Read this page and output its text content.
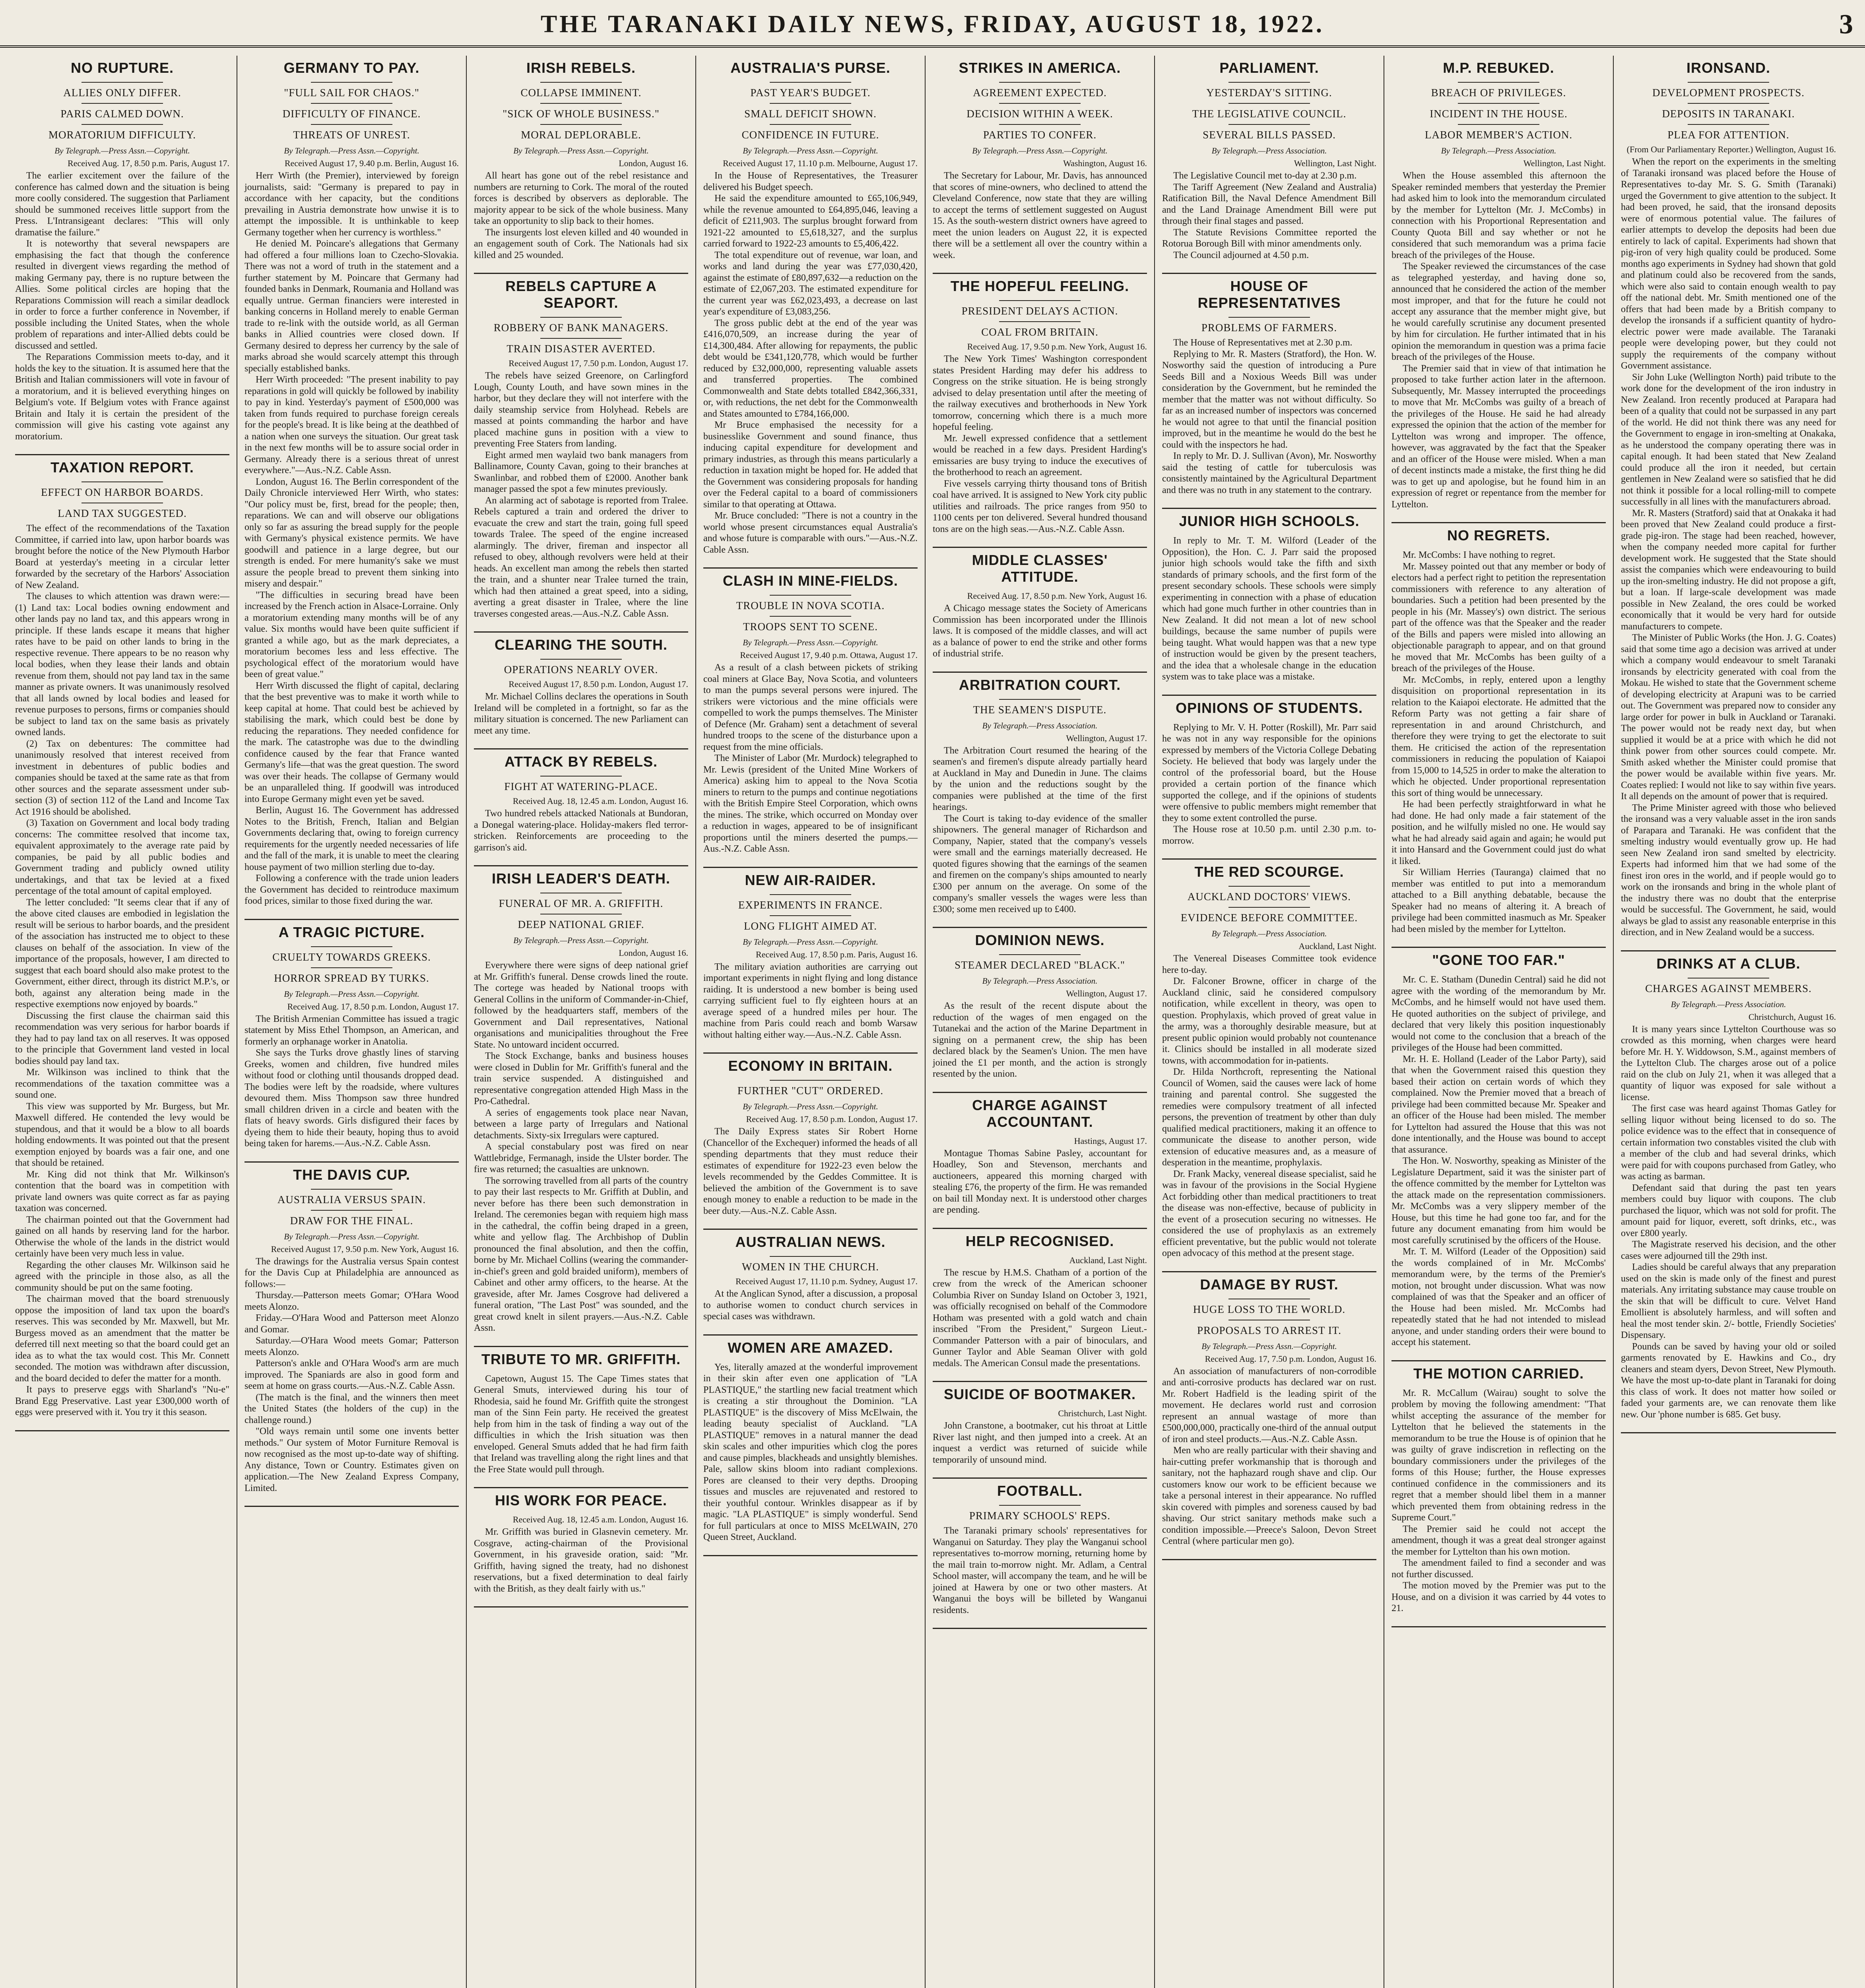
THE TARANAKI DAILY NEWS, FRIDAY, AUGUST 18, 1922.	3
NO RUPTURE.
ALLIES ONLY DIFFER.
PARIS CALMED DOWN.
MORATORIUM DIFFICULTY.
By Telegraph.—Press Assn.—Copyright.
Received Aug. 17, 8.50 p.m. Paris, August 17.

The earlier excitement over the failure of the conference has calmed down and the situation is being more coolly considered. The suggestion that Parliament should be summoned receives little support from the Press. L'Intransigeant declares: "This will only dramatise the failure."

It is noteworthy that several newspapers are emphasising the fact that though the conference resulted in divergent views regarding the method of making Germany pay, there is no rupture between the Allies. Some political circles are hoping that the Reparations Commission will reach a similar deadlock in order to force a further conference in November, if possible including the United States, when the whole problem of reparations and inter-Allied debts could be discussed and settled.

The Reparations Commission meets to-day, and it holds the key to the situation. It is assumed here that the British and Italian commissioners will vote in favour of a moratorium, and it is believed everything hinges on Belgium's vote. If Belgium votes with France against Britain and Italy it is certain the president of the commission will give his casting vote against any moratorium.

TAXATION REPORT.
EFFECT ON HARBOR BOARDS.
LAND TAX SUGGESTED.

The effect of the recommendations of the Taxation Committee, if carried into law, upon harbor boards was brought before the notice of the New Plymouth Harbor Board at yesterday's meeting in a circular letter forwarded by the secretary of the Harbors' Association of New Zealand.

The clauses to which attention was drawn were:—(1) Land tax: Local bodies owning endowment and other lands pay no land tax, and this appears wrong in principle. If these lands escape it means that higher rates have to be paid on other lands to bring in the respective revenue. There appears to be no reason why local bodies, when they lease their lands and obtain revenue from them, should not pay land tax in the same manner as private owners. It was unanimously resolved that all lands owned by local bodies and leased for revenue purposes to persons, firms or companies should be subject to land tax on the same basis as privately owned lands.

(2) Tax on debentures: The committee had unanimously resolved that interest received from investment in debentures of public bodies and companies should be taxed at the same rate as that from other sources and the separate assessment under sub-section (3) of section 112 of the Land and Income Tax Act 1916 should be abolished.

(3) Taxation on Government and local body trading concerns: The committee resolved that income tax, equivalent approximately to the average rate paid by companies, be paid by all public bodies and Government trading and publicly owned utility undertakings, and that tax be levied at a fixed percentage of the total amount of capital employed.

The letter concluded: "It seems clear that if any of the above cited clauses are embodied in legislation the result will be serious to harbor boards, and the president of the association has instructed me to object to these clauses on behalf of the association. In view of the importance of the proposals, however, I am directed to suggest that each board should also make protest to the Government, either direct, through its district M.P.'s, or both, against any alteration being made in the respective exemptions now enjoyed by boards."

Discussing the first clause the chairman said this recommendation was very serious for harbor boards if they had to pay land tax on all reserves. It was opposed to the principle that Government land vested in local bodies should pay land tax.

Mr. Wilkinson was inclined to think that the recommendations of the taxation committee was a sound one.

This view was supported by Mr. Burgess, but Mr. Maxwell differed. He contended the levy would be stupendous, and that it would be a blow to all boards holding endowments. It was pointed out that the present exemption enjoyed by boards was a fair one, and one that should be retained.

Mr. King did not think that Mr. Wilkinson's contention that the board was in competition with private land owners was quite correct as far as paying taxation was concerned.

The chairman pointed out that the Government had gained on all hands by reserving land for the harbor. Otherwise the whole of the lands in the district would certainly have been very much less in value.

Regarding the other clauses Mr. Wilkinson said he agreed with the principle in those also, as all the community should be put on the same footing.

The chairman moved that the board strenuously oppose the imposition of land tax upon the board's reserves. This was seconded by Mr. Maxwell, but Mr. Burgess moved as an amendment that the matter be deferred till next meeting so that the board could get an idea as to what the tax would cost. This Mr. Connett seconded. The motion was withdrawn after discussion, and the board decided to defer the matter for a month.

It pays to preserve eggs with Sharland's "Nu-e" Brand Egg Preservative. Last year £300,000 worth of eggs were preserved with it. You try it this season.

GERMANY TO PAY.
"FULL SAIL FOR CHAOS."
DIFFICULTY OF FINANCE.
THREATS OF UNREST.
By Telegraph.—Press Assn.—Copyright.
Received August 17, 9.40 p.m. Berlin, August 16.

Herr Wirth (the Premier), interviewed by foreign journalists, said: "Germany is prepared to pay in accordance with her capacity, but the conditions prevailing in Austria demonstrate how unwise it is to attempt the impossible. It is unthinkable to keep Germany together when her currency is worthless."

He denied M. Poincare's allegations that Germany had offered a four millions loan to Czecho-Slovakia. There was not a word of truth in the statement and a further statement by M. Poincare that Germany had founded banks in Denmark, Roumania and Holland was equally untrue. German financiers were interested in banking concerns in Holland merely to enable German trade to re-link with the outside world, as all German banks in Allied countries were closed down. If Germany desired to depress her currency by the sale of marks abroad she would scarcely attempt this through specially established banks.

Herr Wirth proceeded: "The present inability to pay reparations in gold will quickly be followed by inability to pay in kind. Yesterday's payment of £500,000 was taken from funds required to purchase foreign cereals for the people's bread. It is like being at the deathbed of a nation when one surveys the situation. Our great task in the next few months will be to assure social order in Germany. Already there is a serious threat of unrest everywhere."—Aus.-N.Z. Cable Assn.

London, August 16. The Berlin correspondent of the Daily Chronicle interviewed Herr Wirth, who states: "Our policy must be, first, bread for the people; then, reparations. We can and will observe our obligations only so far as assuring the bread supply for the people with Germany's physical existence permits. We have goodwill and patience in a large degree, but our strength is ended. For mere humanity's sake we must assure the people bread to prevent them sinking into misery and despair."

"The difficulties in securing bread have been increased by the French action in Alsace-Lorraine. Only a moratorium extending many months will be of any value. Six months would have been quite sufficient if granted a while ago, but as the mark depreciates, a moratorium becomes less and less effective. The psychological effect of the moratorium would have been of great value."

Herr Wirth discussed the flight of capital, declaring that the best preventive was to make it worth while to keep capital at home. That could best be achieved by stabilising the mark, which could best be done by reducing the reparations. They needed confidence for the mark. The catastrophe was due to the dwindling confidence caused by the fear that France wanted Germany's life—that was the great question. The sword was over their heads. The collapse of Germany would be an unparalleled thing. If goodwill was introduced into Europe Germany might even yet be saved.

Berlin, August 16. The Government has addressed Notes to the British, French, Italian and Belgian Governments declaring that, owing to foreign currency requirements for the urgently needed necessaries of life and the fall of the mark, it is unable to meet the clearing house payment of two million sterling due to-day.

Following a conference with the trade union leaders the Government has decided to reintroduce maximum food prices, similar to those fixed during the war.

A TRAGIC PICTURE.
CRUELTY TOWARDS GREEKS.
HORROR SPREAD BY TURKS.
By Telegraph.—Press Assn.—Copyright.
Received Aug. 17, 8.50 p.m. London, August 17.

The British Armenian Committee has issued a tragic statement by Miss Ethel Thompson, an American, and formerly an orphanage worker in Anatolia.

She says the Turks drove ghastly lines of starving Greeks, women and children, five hundred miles without food or clothing until thousands dropped dead. The bodies were left by the roadside, where vultures devoured them. Miss Thompson saw three hundred small children driven in a circle and beaten with the flats of heavy swords. Girls disfigured their faces by dyeing them to hide their beauty, hoping thus to avoid being taken for harems.—Aus.-N.Z. Cable Assn.

THE DAVIS CUP.
AUSTRALIA VERSUS SPAIN.
DRAW FOR THE FINAL.
By Telegraph.—Press Assn.—Copyright.
Received August 17, 9.50 p.m. New York, August 16.

The drawings for the Australia versus Spain contest for the Davis Cup at Philadelphia are announced as follows:—

Thursday.—Patterson meets Gomar; O'Hara Wood meets Alonzo.

Friday.—O'Hara Wood and Patterson meet Alonzo and Gomar.

Saturday.—O'Hara Wood meets Gomar; Patterson meets Alonzo.

Patterson's ankle and O'Hara Wood's arm are much improved. The Spaniards are also in good form and seem at home on grass courts.—Aus.-N.Z. Cable Assn.

(The match is the final, and the winners then meet the United States (the holders of the cup) in the challenge round.)

"Old ways remain until some one invents better methods." Our system of Motor Furniture Removal is now recognised as the most up-to-date way of shifting. Any distance, Town or Country. Estimates given on application.—The New Zealand Express Company, Limited.

IRISH REBELS.
COLLAPSE IMMINENT.
"SICK OF WHOLE BUSINESS."
MORAL DEPLORABLE.
By Telegraph.—Press Assn.—Copyright.
London, August 16.

All heart has gone out of the rebel resistance and numbers are returning to Cork. The moral of the routed forces is described by observers as deplorable. The majority appear to be sick of the whole business. Many take an opportunity to slip back to their homes.

The insurgents lost eleven killed and 40 wounded in an engagement south of Cork. The Nationals had six killed and 25 wounded.

REBELS CAPTURE A SEAPORT.
ROBBERY OF BANK MANAGERS.
TRAIN DISASTER AVERTED.
Received August 17, 7.50 p.m. London, August 17.

The rebels have seized Greenore, on Carlingford Lough, County Louth, and have sown mines in the harbor, but they declare they will not interfere with the daily steamship service from Holyhead. Rebels are massed at points commanding the harbor and have placed machine guns in position with a view to preventing Free Staters from landing.

Eight armed men waylaid two bank managers from Ballinamore, County Cavan, going to their branches at Swanlinbar, and robbed them of £2000. Another bank manager passed the spot a few minutes previously.

An alarming act of sabotage is reported from Tralee. Rebels captured a train and ordered the driver to evacuate the crew and start the train, going full speed towards Tralee. The speed of the engine increased alarmingly. The driver, fireman and inspector all refused to obey, although revolvers were held at their heads. An excellent man among the rebels then started the train, and a shunter near Tralee turned the train, which had then attained a great speed, into a siding, averting a great disaster in Tralee, where the line traverses congested areas.—Aus.-N.Z. Cable Assn.

CLEARING THE SOUTH.
OPERATIONS NEARLY OVER.
Received August 17, 8.50 p.m. London, August 17.

Mr. Michael Collins declares the operations in South Ireland will be completed in a fortnight, so far as the military situation is concerned. The new Parliament can meet any time.

ATTACK BY REBELS.
FIGHT AT WATERING-PLACE.
Received Aug. 18, 12.45 a.m. London, August 16.

Two hundred rebels attacked Nationals at Bundoran, a Donegal watering-place. Holiday-makers fled terror-stricken. Reinforcements are proceeding to the garrison's aid.

IRISH LEADER'S DEATH.
FUNERAL OF MR. A. GRIFFITH.
DEEP NATIONAL GRIEF.
By Telegraph.—Press Assn.—Copyright.
London, August 16.

Everywhere there were signs of deep national grief at Mr. Griffith's funeral. Dense crowds lined the route. The cortege was headed by National troops with General Collins in the uniform of Commander-in-Chief, followed by the headquarters staff, members of the Government and Dail representatives, National organisations and municipalities throughout the Free State. No untoward incident occurred.

The Stock Exchange, banks and business houses were closed in Dublin for Mr. Griffith's funeral and the train service suspended. A distinguished and representative congregation attended High Mass in the Pro-Cathedral.

A series of engagements took place near Navan, between a large party of Irregulars and National detachments. Sixty-six Irregulars were captured.

A special constabulary post was fired on near Wattlebridge, Fermanagh, inside the Ulster border. The fire was returned; the casualties are unknown.

The sorrowing travelled from all parts of the country to pay their last respects to Mr. Griffith at Dublin, and never before has there been such demonstration in Ireland. The ceremonies began with requiem high mass in the cathedral, the coffin being draped in a green, white and yellow flag. The Archbishop of Dublin pronounced the final absolution, and then the coffin, borne by Mr. Michael Collins (wearing the commander-in-chief's green and gold braided uniform), members of Cabinet and other army officers, to the hearse. At the graveside, after Mr. James Cosgrove had delivered a funeral oration, "The Last Post" was sounded, and the great crowd knelt in silent prayers.—Aus.-N.Z. Cable Assn.

TRIBUTE TO MR. GRIFFITH.

Capetown, August 15. The Cape Times states that General Smuts, interviewed during his tour of Rhodesia, said he found Mr. Griffith quite the strongest man of the Sinn Fein party. He received the greatest help from him in the task of finding a way out of the difficulties in which the Irish situation was then enveloped. General Smuts added that he had firm faith that Ireland was travelling along the right lines and that the Free State would pull through.

HIS WORK FOR PEACE.
Received Aug. 18, 12.45 a.m. London, August 16.

Mr. Griffith was buried in Glasnevin cemetery. Mr. Cosgrave, acting-chairman of the Provisional Government, in his graveside oration, said: "Mr. Griffith, having signed the treaty, had no dishonest reservations, but a fixed determination to deal fairly with the British, as they dealt fairly with us."

AUSTRALIA'S PURSE.
PAST YEAR'S BUDGET.
SMALL DEFICIT SHOWN.
CONFIDENCE IN FUTURE.
By Telegraph.—Press Assn.—Copyright.
Received August 17, 11.10 p.m. Melbourne, August 17.

In the House of Representatives, the Treasurer delivered his Budget speech.

He said the expenditure amounted to £65,106,949, while the revenue amounted to £64,895,046, leaving a deficit of £211,903. The surplus brought forward from 1921-22 amounted to £5,618,327, and the surplus carried forward to 1922-23 amounts to £5,406,422.

The total expenditure out of revenue, war loan, and works and land during the year was £77,030,420, against the estimate of £80,897,632—a reduction on the estimate of £2,067,203. The estimated expenditure for the current year was £62,023,493, a decrease on last year's expenditure of £3,083,256.

The gross public debt at the end of the year was £416,070,509, an increase during the year of £14,300,484. After allowing for repayments, the public debt would be £341,120,778, which would be further reduced by £32,000,000, representing valuable assets and transferred properties. The combined Commonwealth and State debts totalled £842,366,331, or, with reductions, the net debt for the Commonwealth and States amounted to £784,166,000.

Mr Bruce emphasised the necessity for a businesslike Government and sound finance, thus inducing capital expenditure for development and primary industries, as through this means particularly a reduction in taxation might be hoped for. He added that the Government was considering proposals for handing over the Federal capital to a board of commissioners similar to that operating at Ottawa.

Mr. Bruce concluded: "There is not a country in the world whose present circumstances equal Australia's and whose future is comparable with ours."—Aus.-N.Z. Cable Assn.

CLASH IN MINE-FIELDS.
TROUBLE IN NOVA SCOTIA.
TROOPS SENT TO SCENE.
By Telegraph.—Press Assn.—Copyright.
Received August 17, 9.40 p.m. Ottawa, August 17.

As a result of a clash between pickets of striking coal miners at Glace Bay, Nova Scotia, and volunteers to man the pumps several persons were injured. The strikers were victorious and the mine officials were compelled to work the pumps themselves. The Minister of Defence (Mr. Graham) sent a detachment of several hundred troops to the scene of the disturbance upon a request from the mine officials.

The Minister of Labor (Mr. Murdock) telegraphed to Mr. Lewis (president of the United Mine Workers of America) asking him to appeal to the Nova Scotia miners to return to the pumps and continue negotiations with the British Empire Steel Corporation, which owns the mines. The strike, which occurred on Monday over a reduction in wages, appeared to be of insignificant proportions until the miners deserted the pumps.—Aus.-N.Z. Cable Assn.

NEW AIR-RAIDER.
EXPERIMENTS IN FRANCE.
LONG FLIGHT AIMED AT.
By Telegraph.—Press Assn.—Copyright.
Received Aug. 17, 8.50 p.m. Paris, August 16.

The military aviation authorities are carrying out important experiments in night flying and long distance raiding. It is understood a new bomber is being used carrying sufficient fuel to fly eighteen hours at an average speed of a hundred miles per hour. The machine from Paris could reach and bomb Warsaw without halting either way.—Aus.-N.Z. Cable Assn.

ECONOMY IN BRITAIN.
FURTHER "CUT" ORDERED.
By Telegraph.—Press Assn.—Copyright.
Received Aug. 17, 8.50 p.m. London, August 17.

The Daily Express states Sir Robert Horne (Chancellor of the Exchequer) informed the heads of all spending departments that they must reduce their estimates of expenditure for 1922-23 even below the levels recommended by the Geddes Committee. It is believed the ambition of the Government is to save enough money to enable a reduction to be made in the beer duty.—Aus.-N.Z. Cable Assn.

AUSTRALIAN NEWS.
WOMEN IN THE CHURCH.
Received August 17, 11.10 p.m. Sydney, August 17.

At the Anglican Synod, after a discussion, a proposal to authorise women to conduct church services in special cases was withdrawn.

WOMEN ARE AMAZED.

Yes, literally amazed at the wonderful improvement in their skin after even one application of "LA PLASTIQUE," the startling new facial treatment which is creating a stir throughout the Dominion. "LA PLASTIQUE" is the discovery of Miss McElwain, the leading beauty specialist of Auckland. "LA PLASTIQUE" removes in a natural manner the dead skin scales and other impurities which clog the pores and cause pimples, blackheads and unsightly blemishes. Pale, sallow skins bloom into radiant complexions. Pores are cleansed to their very depths. Drooping tissues and muscles are rejuvenated and restored to their youthful contour. Wrinkles disappear as if by magic. "LA PLASTIQUE" is simply wonderful. Send for full particulars at once to MISS McELWAIN, 270 Queen Street, Auckland.

STRIKES IN AMERICA.
AGREEMENT EXPECTED.
DECISION WITHIN A WEEK.
PARTIES TO CONFER.
By Telegraph.—Press Assn.—Copyright.
Washington, August 16.

The Secretary for Labour, Mr. Davis, has announced that scores of mine-owners, who declined to attend the Cleveland Conference, now state that they are willing to accept the terms of settlement suggested on August 15. As the south-western district owners have agreed to meet the union leaders on August 22, it is expected there will be a settlement all over the country within a week.

THE HOPEFUL FEELING.
PRESIDENT DELAYS ACTION.
COAL FROM BRITAIN.
Received Aug. 17, 9.50 p.m. New York, August 16.

The New York Times' Washington correspondent states President Harding may defer his address to Congress on the strike situation. He is being strongly advised to delay presentation until after the meeting of the railway executives and brotherhoods in New York tomorrow, concerning which there is a much more hopeful feeling.

Mr. Jewell expressed confidence that a settlement would be reached in a few days. President Harding's emissaries are busy trying to induce the executives of the brotherhood to reach an agreement.

Five vessels carrying thirty thousand tons of British coal have arrived. It is assigned to New York city public utilities and railroads. The price ranges from 950 to 1100 cents per ton delivered. Several hundred thousand tons are on the high seas.—Aus.-N.Z. Cable Assn.

MIDDLE CLASSES' ATTITUDE.
Received Aug. 17, 8.50 p.m. New York, August 16.

A Chicago message states the Society of Americans Commission has been incorporated under the Illinois laws. It is composed of the middle classes, and will act as a balance of power to end the strike and other forms of industrial strife.

ARBITRATION COURT.
THE SEAMEN'S DISPUTE.
By Telegraph.—Press Association.
Wellington, August 17.

The Arbitration Court resumed the hearing of the seamen's and firemen's dispute already partially heard at Auckland in May and Dunedin in June. The claims by the union and the reductions sought by the companies were published at the time of the first hearings.

The Court is taking to-day evidence of the smaller shipowners. The general manager of Richardson and Company, Napier, stated that the company's vessels were small and the earnings materially decreased. He quoted figures showing that the earnings of the seamen and firemen on the company's ships amounted to nearly £300 per annum on the average. On some of the company's smaller vessels the wages were less than £300; some men received up to £400.

DOMINION NEWS.
STEAMER DECLARED "BLACK."
By Telegraph.—Press Association.
Wellington, August 17.

As the result of the recent dispute about the reduction of the wages of men engaged on the Tutanekai and the action of the Marine Department in signing on a permanent crew, the ship has been declared black by the Seamen's Union. The men have joined the £1 per month, and the action is strongly resented by the union.

CHARGE AGAINST ACCOUNTANT.
Hastings, August 17.

Montague Thomas Sabine Pasley, accountant for Hoadley, Son and Stevenson, merchants and auctioneers, appeared this morning charged with stealing £76, the property of the firm. He was remanded on bail till Monday next. It is understood other charges are pending.

HELP RECOGNISED.
Auckland, Last Night.

The rescue by H.M.S. Chatham of a portion of the crew from the wreck of the American schooner Columbia River on Sunday Island on October 3, 1921, was officially recognised on behalf of the Commodore Hotham was presented with a gold watch and chain inscribed "From the President," Surgeon Lieut.-Commander Patterson with a pair of binoculars, and Gunner Taylor and Able Seaman Oliver with gold medals. The American Consul made the presentations.

SUICIDE OF BOOTMAKER.
Christchurch, Last Night.

John Cranstone, a bootmaker, cut his throat at Little River last night, and then jumped into a creek. At an inquest a verdict was returned of suicide while temporarily of unsound mind.

FOOTBALL.
PRIMARY SCHOOLS' REPS.

The Taranaki primary schools' representatives for Wanganui on Saturday. They play the Wanganui school representatives to-morrow morning, returning home by the mail train to-morrow night. Mr. Adlam, a Central School master, will accompany the team, and he will be joined at Hawera by one or two other masters. At Wanganui the boys will be billeted by Wanganui residents.

PARLIAMENT.
YESTERDAY'S SITTING.
THE LEGISLATIVE COUNCIL.
SEVERAL BILLS PASSED.
By Telegraph.—Press Association.
Wellington, Last Night.

The Legislative Council met to-day at 2.30 p.m.

The Tariff Agreement (New Zealand and Australia) Ratification Bill, the Naval Defence Amendment Bill and the Land Drainage Amendment Bill were put through their final stages and passed.

The Statute Revisions Committee reported the Rotorua Borough Bill with minor amendments only.

The Council adjourned at 4.50 p.m.

HOUSE OF REPRESENTATIVES
PROBLEMS OF FARMERS.

The House of Representatives met at 2.30 p.m.

Replying to Mr. R. Masters (Stratford), the Hon. W. Nosworthy said the question of introducing a Pure Seeds Bill and a Noxious Weeds Bill was under consideration by the Government, but he reminded the member that the matter was not without difficulty. So far as an increased number of inspectors was concerned he would not agree to that until the financial position improved, but in the meantime he would do the best he could with the inspectors he had.

In reply to Mr. D. J. Sullivan (Avon), Mr. Nosworthy said the testing of cattle for tuberculosis was consistently maintained by the Agricultural Department and there was no truth in any statement to the contrary.

JUNIOR HIGH SCHOOLS.

In reply to Mr. T. M. Wilford (Leader of the Opposition), the Hon. C. J. Parr said the proposed junior high schools would take the fifth and sixth standards of primary schools, and the first form of the present secondary schools. These schools were simply experimenting in connection with a phase of education which had gone much further in other countries than in New Zealand. It did not mean a lot of new school buildings, because the same number of pupils were being taught. What would happen was that a new type of instruction would be given by the present teachers, and the idea that a wholesale change in the education system was to take place was a mistake.

OPINIONS OF STUDENTS.

Replying to Mr. V. H. Potter (Roskill), Mr. Parr said he was not in any way responsible for the opinions expressed by members of the Victoria College Debating Society. He believed that body was largely under the control of the professorial board, but the House provided a certain portion of the finance which supported the college, and if the opinions of students were offensive to public members might remember that they to some extent controlled the purse.

The House rose at 10.50 p.m. until 2.30 p.m. to-morrow.

THE RED SCOURGE.
AUCKLAND DOCTORS' VIEWS.
EVIDENCE BEFORE COMMITTEE.
By Telegraph.—Press Association.
Auckland, Last Night.

The Venereal Diseases Committee took evidence here to-day.

Dr. Falconer Browne, officer in charge of the Auckland clinic, said he considered compulsory notification, while excellent in theory, was open to question. Prophylaxis, which proved of great value in the army, was a thoroughly desirable measure, but at present public opinion would probably not countenance it. Clinics should be installed in all moderate sized towns, with accommodation for in-patients.

Dr. Hilda Northcroft, representing the National Council of Women, said the causes were lack of home training and parental control. She suggested the remedies were compulsory treatment of all infected persons, the prevention of treatment by other than duly qualified medical practitioners, making it an offence to communicate the disease to another person, wide extension of educative measures and, as a measure of desperation in the meantime, prophylaxis.

Dr. Frank Macky, venereal disease specialist, said he was in favour of the provisions in the Social Hygiene Act forbidding other than medical practitioners to treat the disease was non-effective, because of publicity in the event of a prosecution securing no witnesses. He considered the use of prophylaxis as an extremely efficient preventative, but the public would not tolerate open advocacy of this method at the present stage.

DAMAGE BY RUST.
HUGE LOSS TO THE WORLD.
PROPOSALS TO ARREST IT.
By Telegraph.—Press Assn.—Copyright.
Received Aug. 17, 7.50 p.m. London, August 16.

An association of manufacturers of non-corrodible and anti-corrosive products has declared war on rust. Mr. Robert Hadfield is the leading spirit of the movement. He declares world rust and corrosion represent an annual wastage of more than £500,000,000, practically one-third of the annual output of iron and steel products.—Aus.-N.Z. Cable Assn.

Men who are really particular with their shaving and hair-cutting prefer workmanship that is thorough and sanitary, not the haphazard rough shave and clip. Our customers know our work to be efficient because we take a personal interest in their appearance. No ruffled skin covered with pimples and soreness caused by bad shaving. Our strict sanitary methods make such a condition impossible.—Preece's Saloon, Devon Street Central (where particular men go).

M.P. REBUKED.
BREACH OF PRIVILEGES.
INCIDENT IN THE HOUSE.
LABOR MEMBER'S ACTION.
By Telegraph.—Press Association.
Wellington, Last Night.

When the House assembled this afternoon the Speaker reminded members that yesterday the Premier had asked him to look into the memorandum circulated by the member for Lyttelton (Mr. J. McCombs) in connection with his Proportional Representation and County Quota Bill and say whether or not he considered that such memorandum was a prima facie breach of the privileges of the House.

The Speaker reviewed the circumstances of the case as telegraphed yesterday, and having done so, announced that he considered the action of the member most improper, and that for the future he could not accept any assurance that the member might give, but he would carefully scrutinise any document presented by him for circulation. He further intimated that in his opinion the memorandum in question was a prima facie breach of the privileges of the House.

The Premier said that in view of that intimation he proposed to take further action later in the afternoon. Subsequently, Mr. Massey interrupted the proceedings to move that Mr. McCombs was guilty of a breach of the privileges of the House. He said he had already expressed the opinion that the action of the member for Lyttelton was wrong and improper. The offence, however, was aggravated by the fact that the Speaker and an officer of the House were misled. When a man of decent instincts made a mistake, the first thing he did was to get up and apologise, but he found him in an expression of regret or repentance from the member for Lyttelton.

NO REGRETS.

Mr. McCombs: I have nothing to regret.

Mr. Massey pointed out that any member or body of electors had a perfect right to petition the representation commissioners with reference to any alteration of boundaries. Such a petition had been presented by the people in his (Mr. Massey's) own district. The serious part of the offence was that the Speaker and the reader of the Bills and papers were misled into allowing an objectionable paragraph to appear, and on that ground he moved that Mr. McCombs has been guilty of a breach of the privileges of the House.

Mr. McCombs, in reply, entered upon a lengthy disquisition on proportional representation in its relation to the Kaiapoi electorate. He admitted that the Reform Party was not getting a fair share of representation in and around Christchurch, and therefore they were trying to get the electorate to suit them. He criticised the action of the representation commissioners in reducing the population of Kaiapoi from 15,000 to 14,525 in order to make the alteration to which he objected. Under proportional representation this sort of thing would be unnecessary.

He had been perfectly straightforward in what he had done. He had only made a fair statement of the position, and he wilfully misled no one. He would say what he had already said again and again; he would put it into Hansard and the Government could just do what it liked.

Sir William Herries (Tauranga) claimed that no member was entitled to put into a memorandum attached to a Bill anything debatable, because the Speaker had no means of altering it. A breach of privilege had been committed inasmuch as Mr. Speaker had been misled by the member for Lyttelton.

"GONE TOO FAR."

Mr. C. E. Statham (Dunedin Central) said he did not agree with the wording of the memorandum by Mr. McCombs, and he himself would not have used them. He quoted authorities on the subject of privilege, and declared that very likely this position inquestionably would not come to the conclusion that a breach of the privileges of the House had been committed.

Mr. H. E. Holland (Leader of the Labor Party), said that when the Government raised this question they based their action on certain words of which they complained. Now the Premier moved that a breach of privilege had been committed because Mr. Speaker and an officer of the House had been misled. The member for Lyttelton had assured the House that this was not done intentionally, and the House was bound to accept that assurance.

The Hon. W. Nosworthy, speaking as Minister of the Legislature Department, said it was the sinister part of the offence committed by the member for Lyttelton was the attack made on the representation commissioners. Mr. McCombs was a very slippery member of the House, but this time he had gone too far, and for the future any document emanating from him would be most carefully scrutinised by the officers of the House.

Mr. T. M. Wilford (Leader of the Opposition) said the words complained of in Mr. McCombs' memorandum were, by the terms of the Premier's motion, not brought under discussion. What was now complained of was that the Speaker and an officer of the House had been misled. Mr. McCombs had repeatedly stated that he had not intended to mislead anyone, and under standing orders their were bound to accept his statement.

THE MOTION CARRIED.

Mr. R. McCallum (Wairau) sought to solve the problem by moving the following amendment: "That whilst accepting the assurance of the member for Lyttelton that he believed the statements in the memorandum to be true the House is of opinion that he was guilty of grave indiscretion in reflecting on the boundary commissioners under the privileges of the forms of this House; further, the House expresses continued confidence in the commissioners and its regret that a member should libel them in a manner which prevented them from obtaining redress in the Supreme Court."

The Premier said he could not accept the amendment, though it was a great deal stronger against the member for Lyttelton than his own motion.

The amendment failed to find a seconder and was not further discussed.

The motion moved by the Premier was put to the House, and on a division it was carried by 44 votes to 21.

IRONSAND.
DEVELOPMENT PROSPECTS.
DEPOSITS IN TARANAKI.
PLEA FOR ATTENTION.
(From Our Parliamentary Reporter.) Wellington, August 16.

When the report on the experiments in the smelting of Taranaki ironsand was placed before the House of Representatives to-day Mr. S. G. Smith (Taranaki) urged the Government to give attention to the subject. It had been proved, he said, that the ironsand deposits were of enormous potential value. The failures of earlier attempts to develop the deposits had been due entirely to lack of capital. Experiments had shown that pig-iron of very high quality could be produced. Some months ago experiments in Sydney had shown that gold and platinum could also be recovered from the sands, which were also said to contain enough wealth to pay off the national debt. Mr. Smith mentioned one of the offers that had been made by a British company to develop the ironsands if a sufficient quantity of hydro-electric power were made available. The Taranaki people were developing power, but they could not supply the requirements of the company without Government assistance.

Sir John Luke (Wellington North) paid tribute to the work done for the development of the iron industry in New Zealand. Iron recently produced at Parapara had been of a quality that could not be surpassed in any part of the world. He did not think there was any need for the Government to engage in iron-smelting at Onakaka, as he understood the company operating there was in capital enough. It had been stated that New Zealand could produce all the iron it needed, but certain gentlemen in New Zealand were so satisfied that he did not think it possible for a local rolling-mill to compete successfully in all lines with the manufacturers abroad.

Mr. R. Masters (Stratford) said that at Onakaka it had been proved that New Zealand could produce a first-grade pig-iron. The stage had been reached, however, when the company needed more capital for further development work. He suggested that the State should assist the companies which were endeavouring to build up the iron-smelting industry. He did not propose a gift, but a loan. If large-scale development was made possible in New Zealand, the ores could be worked economically that it would be very hard for outside manufacturers to compete.

The Minister of Public Works (the Hon. J. G. Coates) said that some time ago a decision was arrived at under which a company would endeavour to smelt Taranaki ironsands by electricity generated with coal from the Mokau. He wished to state that the Government scheme of developing electricity at Arapuni was to be carried out. The Government was prepared now to consider any large order for power in bulk in Auckland or Taranaki. The power would not be ready next day, but when supplied it would be at a price with which he did not think power from other sources could compete. Mr. Smith asked whether the Minister could promise that the power would be available within five years. Mr. Coates replied: I would not like to say within five years. It all depends on the amount of power that is required.

The Prime Minister agreed with those who believed the ironsand was a very valuable asset in the iron sands of Parapara and Taranaki. He was confident that the smelting industry would eventually grow up. He had seen New Zealand iron sand smelted by electricity. Experts had informed him that we had some of the finest iron ores in the world, and if people would go to work on the ironsands and bring in the whole plant of the industry there was no doubt that the enterprise would be successful. The Government, he said, would always be glad to assist any reasonable enterprise in this direction, and in New Zealand would be a success.

DRINKS AT A CLUB.
CHARGES AGAINST MEMBERS.
By Telegraph.—Press Association.
Christchurch, August 16.

It is many years since Lyttelton Courthouse was so crowded as this morning, when charges were heard before Mr. H. Y. Widdowson, S.M., against members of the Lyttelton Club. The charges arose out of a police raid on the club on July 21, when it was alleged that a quantity of liquor was exposed for sale without a license.

The first case was heard against Thomas Gatley for selling liquor without being licensed to do so. The police evidence was to the effect that in consequence of certain information two constables visited the club with a member of the club and had several drinks, which were paid for with coupons purchased from Gatley, who was acting as barman.

Defendant said that during the past ten years members could buy liquor with coupons. The club purchased the liquor, which was not sold for profit. The amount paid for liquor, everett, soft drinks, etc., was over £800 yearly.

The Magistrate reserved his decision, and the other cases were adjourned till the 29th inst.

Ladies should be careful always that any preparation used on the skin is made only of the finest and purest materials. Any irritating substance may cause trouble on the skin that will be difficult to cure. Velvet Hand Emollient is absolutely harmless, and will soften and heal the most tender skin. 2/- bottle, Friendly Societies' Dispensary.

Pounds can be saved by having your old or soiled garments renovated by E. Hawkins and Co., dry cleaners and steam dyers, Devon Street, New Plymouth. We have the most up-to-date plant in Taranaki for doing this class of work. It does not matter how soiled or faded your garments are, we can renovate them like new. Our 'phone number is 685. Get busy.
